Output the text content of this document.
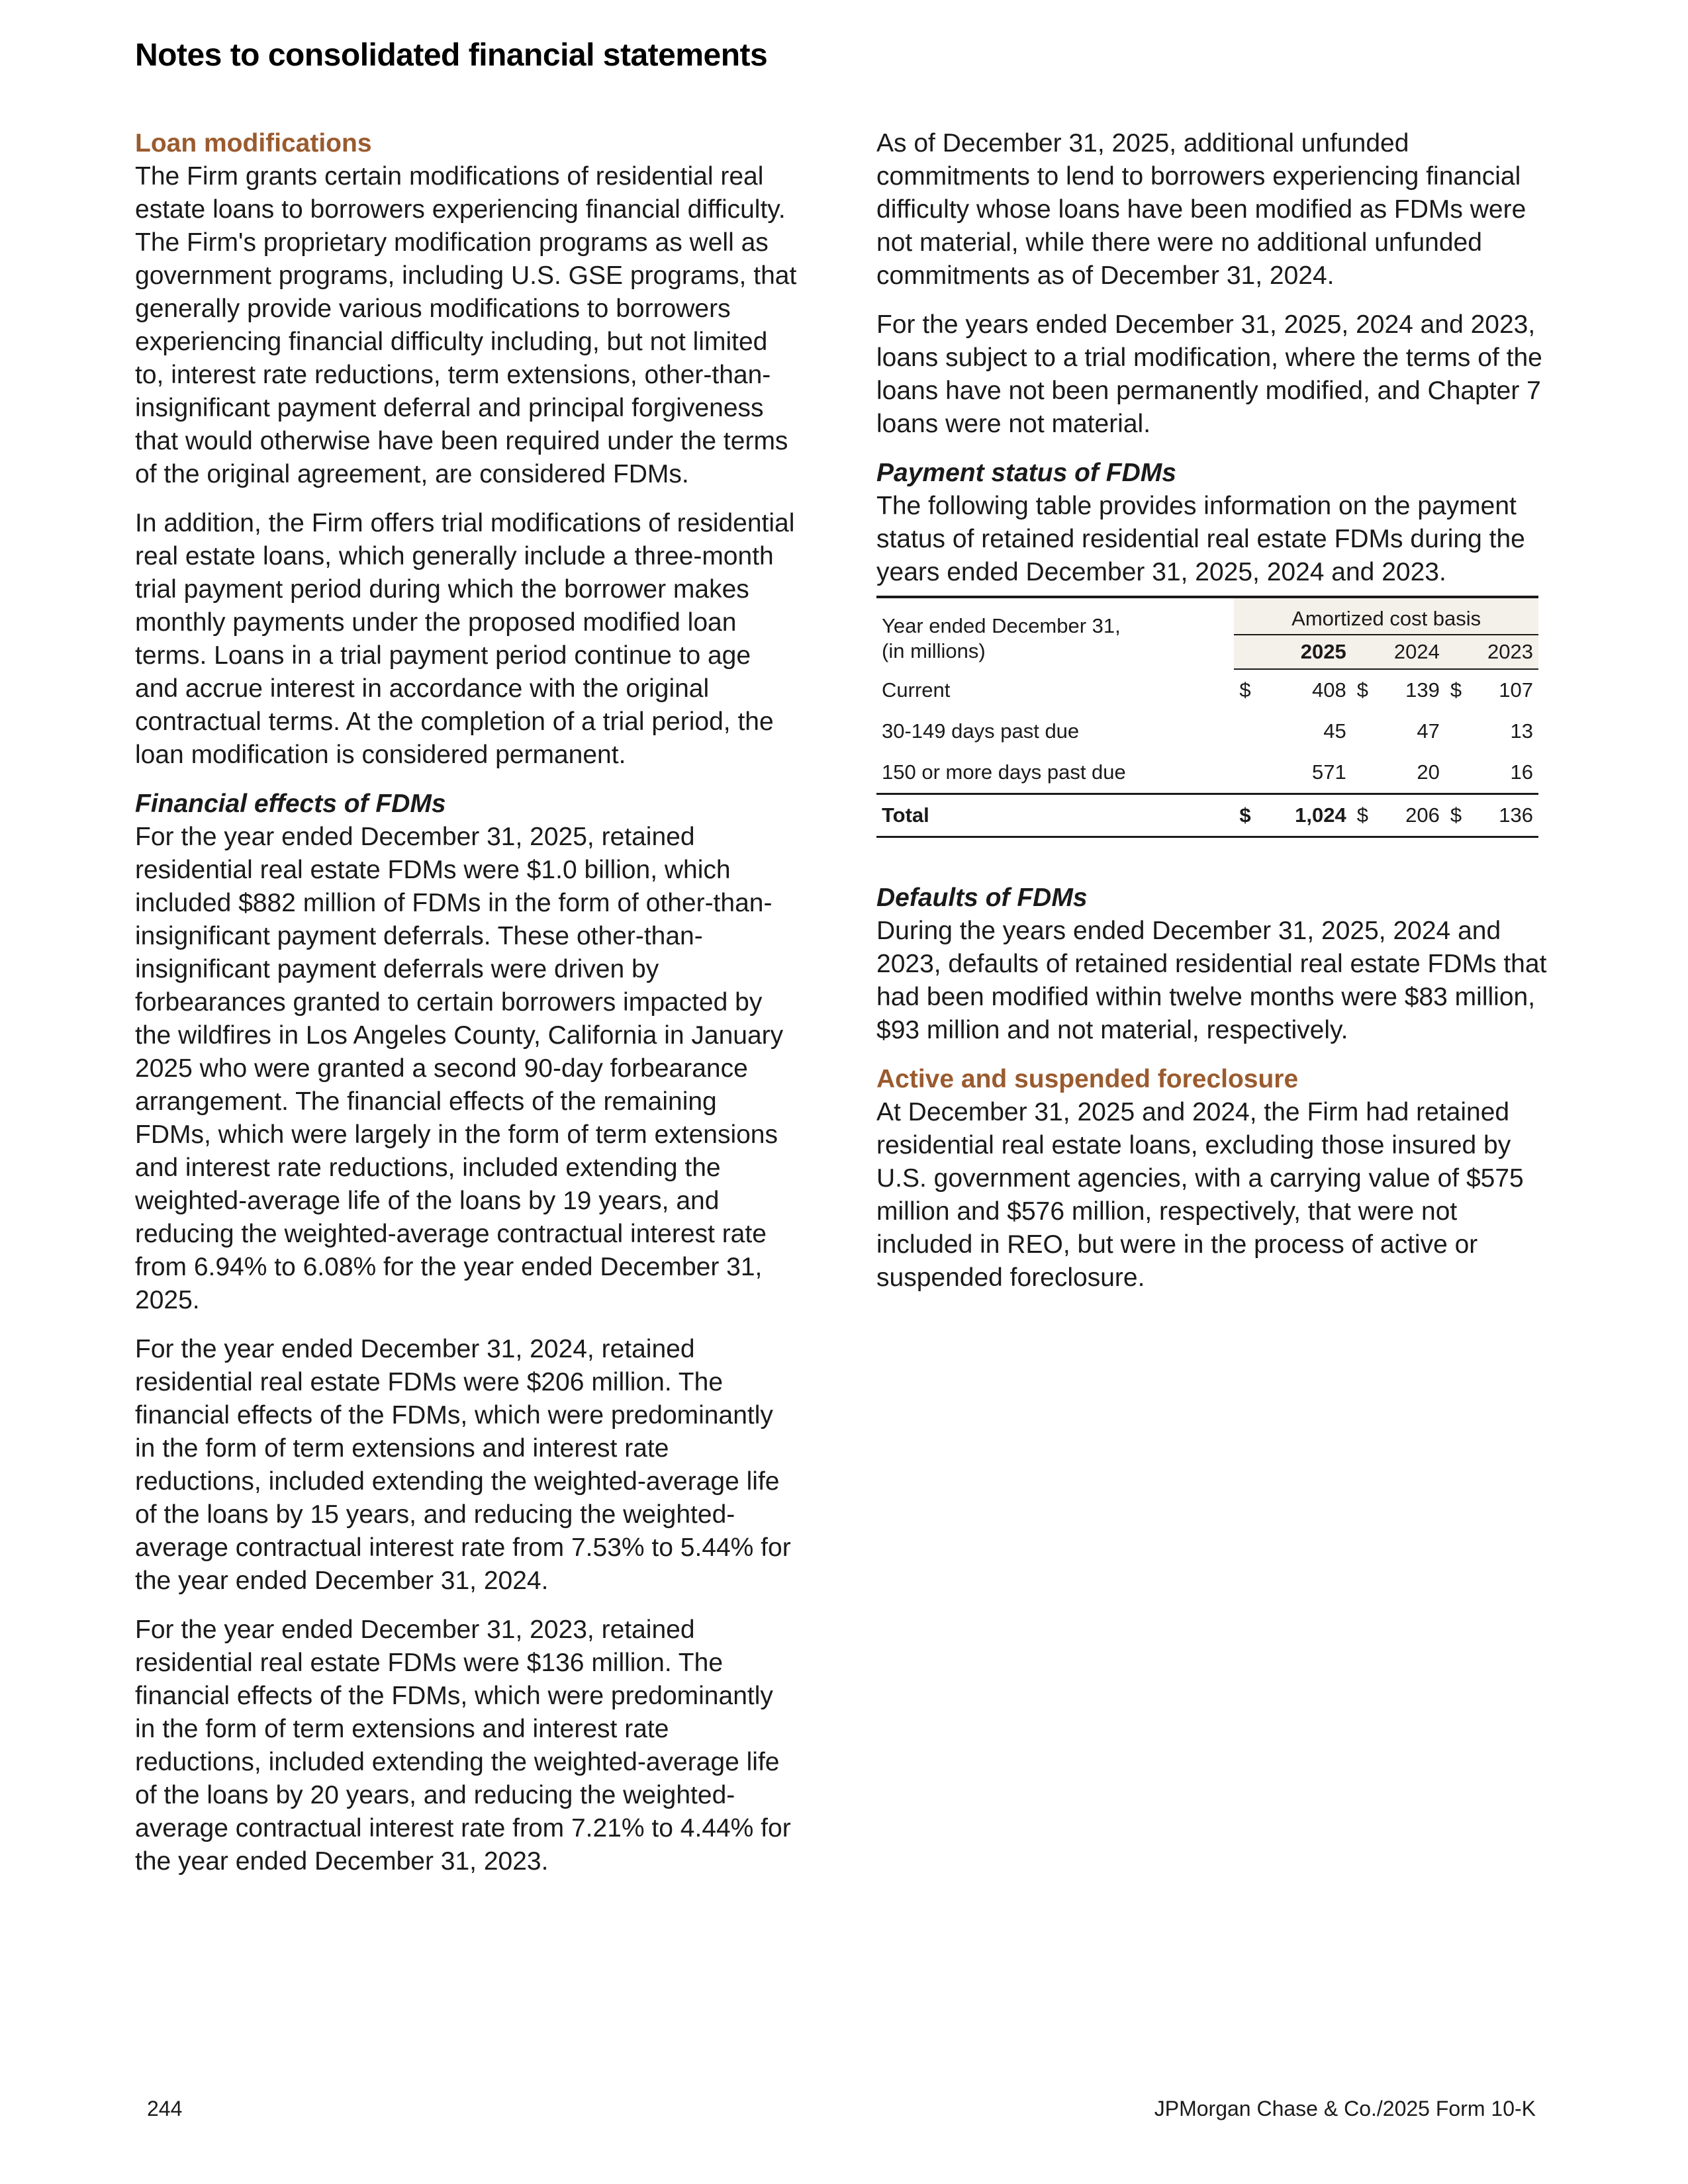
Notes to consolidated financial statements
Loan modifications

The Firm grants certain modifications of residential real estate loans to borrowers experiencing financial difficulty. The Firm's proprietary modification programs as well as government programs, including U.S. GSE programs, that generally provide various modifications to borrowers experiencing financial difficulty including, but not limited to, interest rate reductions, term extensions, other-than-insignificant payment deferral and principal forgiveness that would otherwise have been required under the terms of the original agreement, are considered FDMs.

In addition, the Firm offers trial modifications of residential real estate loans, which generally include a three-month trial payment period during which the borrower makes monthly payments under the proposed modified loan terms. Loans in a trial payment period continue to age and accrue interest in accordance with the original contractual terms. At the completion of a trial period, the loan modification is considered permanent.

Financial effects of FDMs

For the year ended December 31, 2025, retained residential real estate FDMs were $1.0 billion, which included $882 million of FDMs in the form of other-than-insignificant payment deferrals. These other-than-insignificant payment deferrals were driven by forbearances granted to certain borrowers impacted by the wildfires in Los Angeles County, California in January 2025 who were granted a second 90-day forbearance arrangement. The financial effects of the remaining FDMs, which were largely in the form of term extensions and interest rate reductions, included extending the weighted-average life of the loans by 19 years, and reducing the weighted-average contractual interest rate from 6.94% to 6.08% for the year ended December 31, 2025.

For the year ended December 31, 2024, retained residential real estate FDMs were $206 million. The financial effects of the FDMs, which were predominantly in the form of term extensions and interest rate reductions, included extending the weighted-average life of the loans by 15 years, and reducing the weighted-average contractual interest rate from 7.53% to 5.44% for the year ended December 31, 2024.

For the year ended December 31, 2023, retained residential real estate FDMs were $136 million. The financial effects of the FDMs, which were predominantly in the form of term extensions and interest rate reductions, included extending the weighted-average life of the loans by 20 years, and reducing the weighted-average contractual interest rate from 7.21% to 4.44% for the year ended December 31, 2023.

As of December 31, 2025, additional unfunded commitments to lend to borrowers experiencing financial difficulty whose loans have been modified as FDMs were not material, while there were no additional unfunded commitments as of December 31, 2024.

For the years ended December 31, 2025, 2024 and 2023, loans subject to a trial modification, where the terms of the loans have not been permanently modified, and Chapter 7 loans were not material.

Payment status of FDMs

The following table provides information on the payment status of retained residential real estate FDMs during the years ended December 31, 2025, 2024 and 2023.

Year ended December 31,
(in millions)	Amortized cost basis					
	2025		2024		2023	
Current	$	408	$	139	$	107
30-149 days past due		45		47		13
150 or more days past due		571		20		16
Total	$	1,024	$	206	$	136
Defaults of FDMs

During the years ended December 31, 2025, 2024 and 2023, defaults of retained residential real estate FDMs that had been modified within twelve months were $83 million, $93 million and not material, respectively.

Active and suspended foreclosure

At December 31, 2025 and 2024, the Firm had retained residential real estate loans, excluding those insured by U.S. government agencies, with a carrying value of $575 million and $576 million, respectively, that were not included in REO, but were in the process of active or suspended foreclosure.

244	JPMorgan Chase & Co./2025 Form 10-K
